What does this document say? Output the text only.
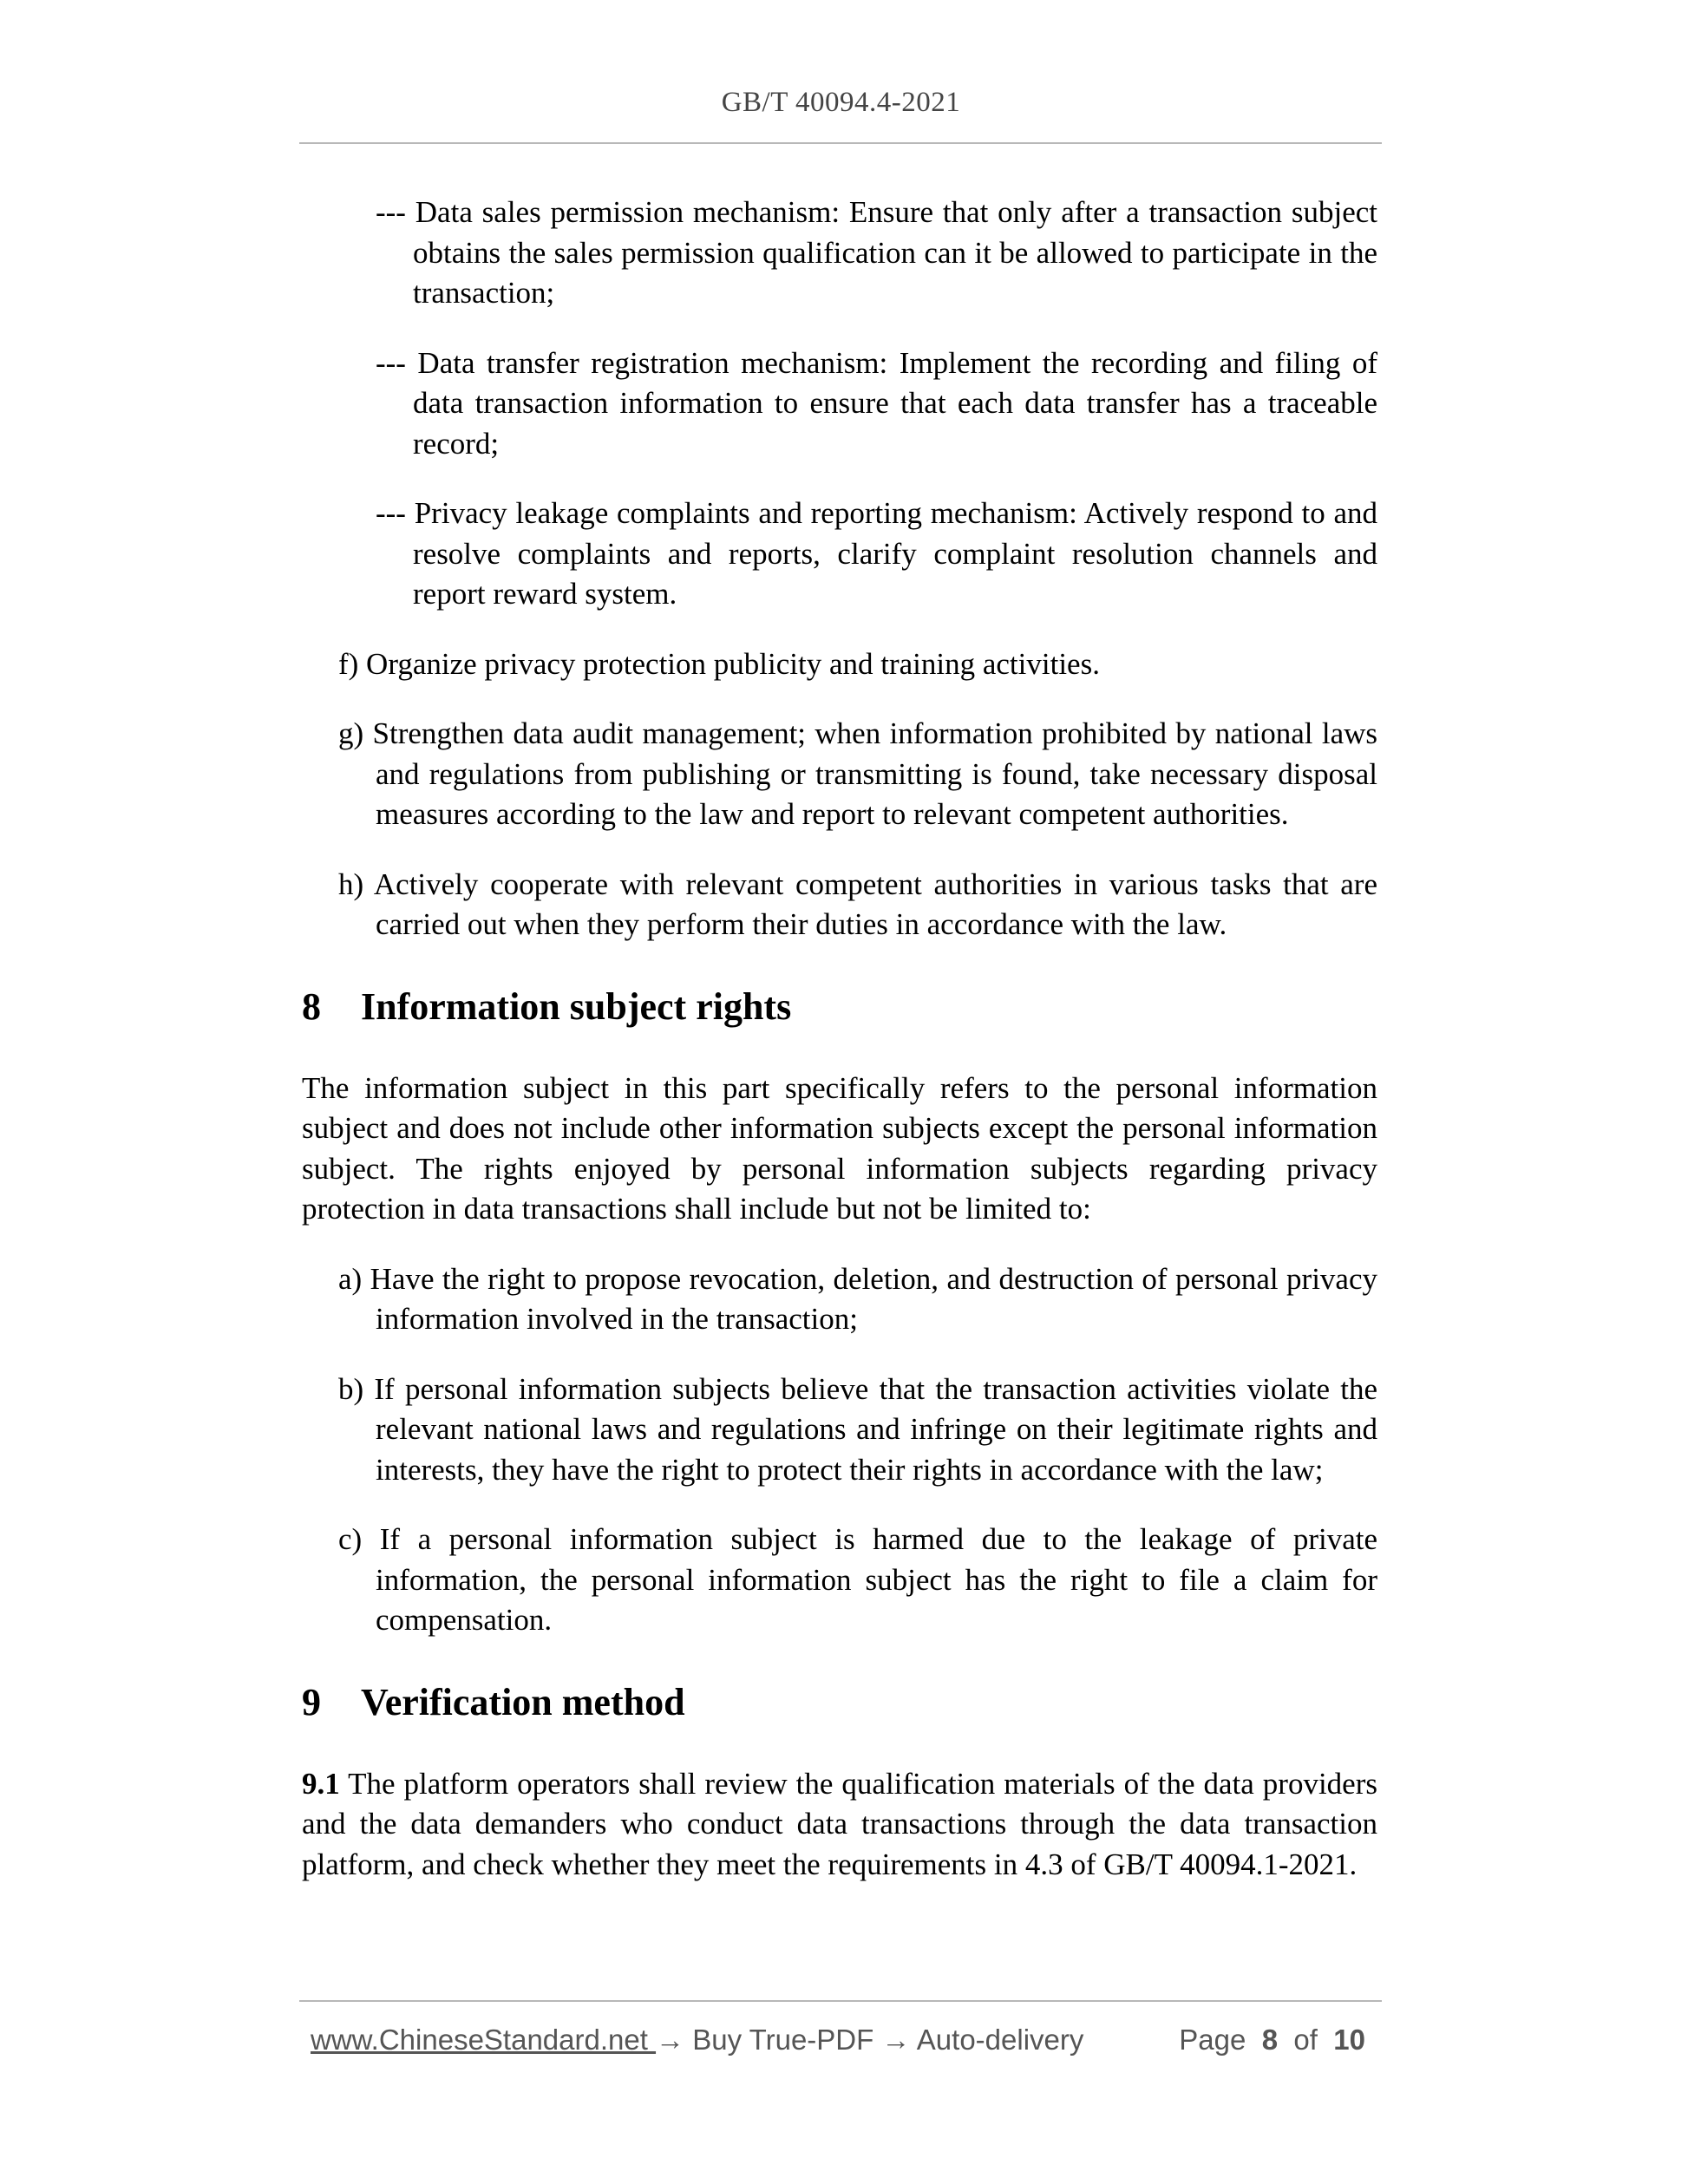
GB/T 40094.4-2021

--- Data sales permission mechanism: Ensure that only after a transaction subject obtains the sales permission qualification can it be allowed to participate in the transaction;

--- Data transfer registration mechanism: Implement the recording and filing of data transaction information to ensure that each data transfer has a traceable record;

--- Privacy leakage complaints and reporting mechanism: Actively respond to and resolve complaints and reports, clarify complaint resolution channels and report reward system.

f) Organize privacy protection publicity and training activities.

g) Strengthen data audit management; when information prohibited by national laws and regulations from publishing or transmitting is found, take necessary disposal measures according to the law and report to relevant competent authorities.

h) Actively cooperate with relevant competent authorities in various tasks that are carried out when they perform their duties in accordance with the law.

8 Information subject rights

The information subject in this part specifically refers to the personal information subject and does not include other information subjects except the personal information subject. The rights enjoyed by personal information subjects regarding privacy protection in data transactions shall include but not be limited to:

a) Have the right to propose revocation, deletion, and destruction of personal privacy information involved in the transaction;

b) If personal information subjects believe that the transaction activities violate the relevant national laws and regulations and infringe on their legitimate rights and interests, they have the right to protect their rights in accordance with the law;

c) If a personal information subject is harmed due to the leakage of private information, the personal information subject has the right to file a claim for compensation.

9 Verification method

9.1 The platform operators shall review the qualification materials of the data providers and the data demanders who conduct data transactions through the data transaction platform, and check whether they meet the requirements in 4.3 of GB/T 40094.1-2021.

www.ChineseStandard.net → Buy True-PDF → Auto-delivery	Page 8 of 10
